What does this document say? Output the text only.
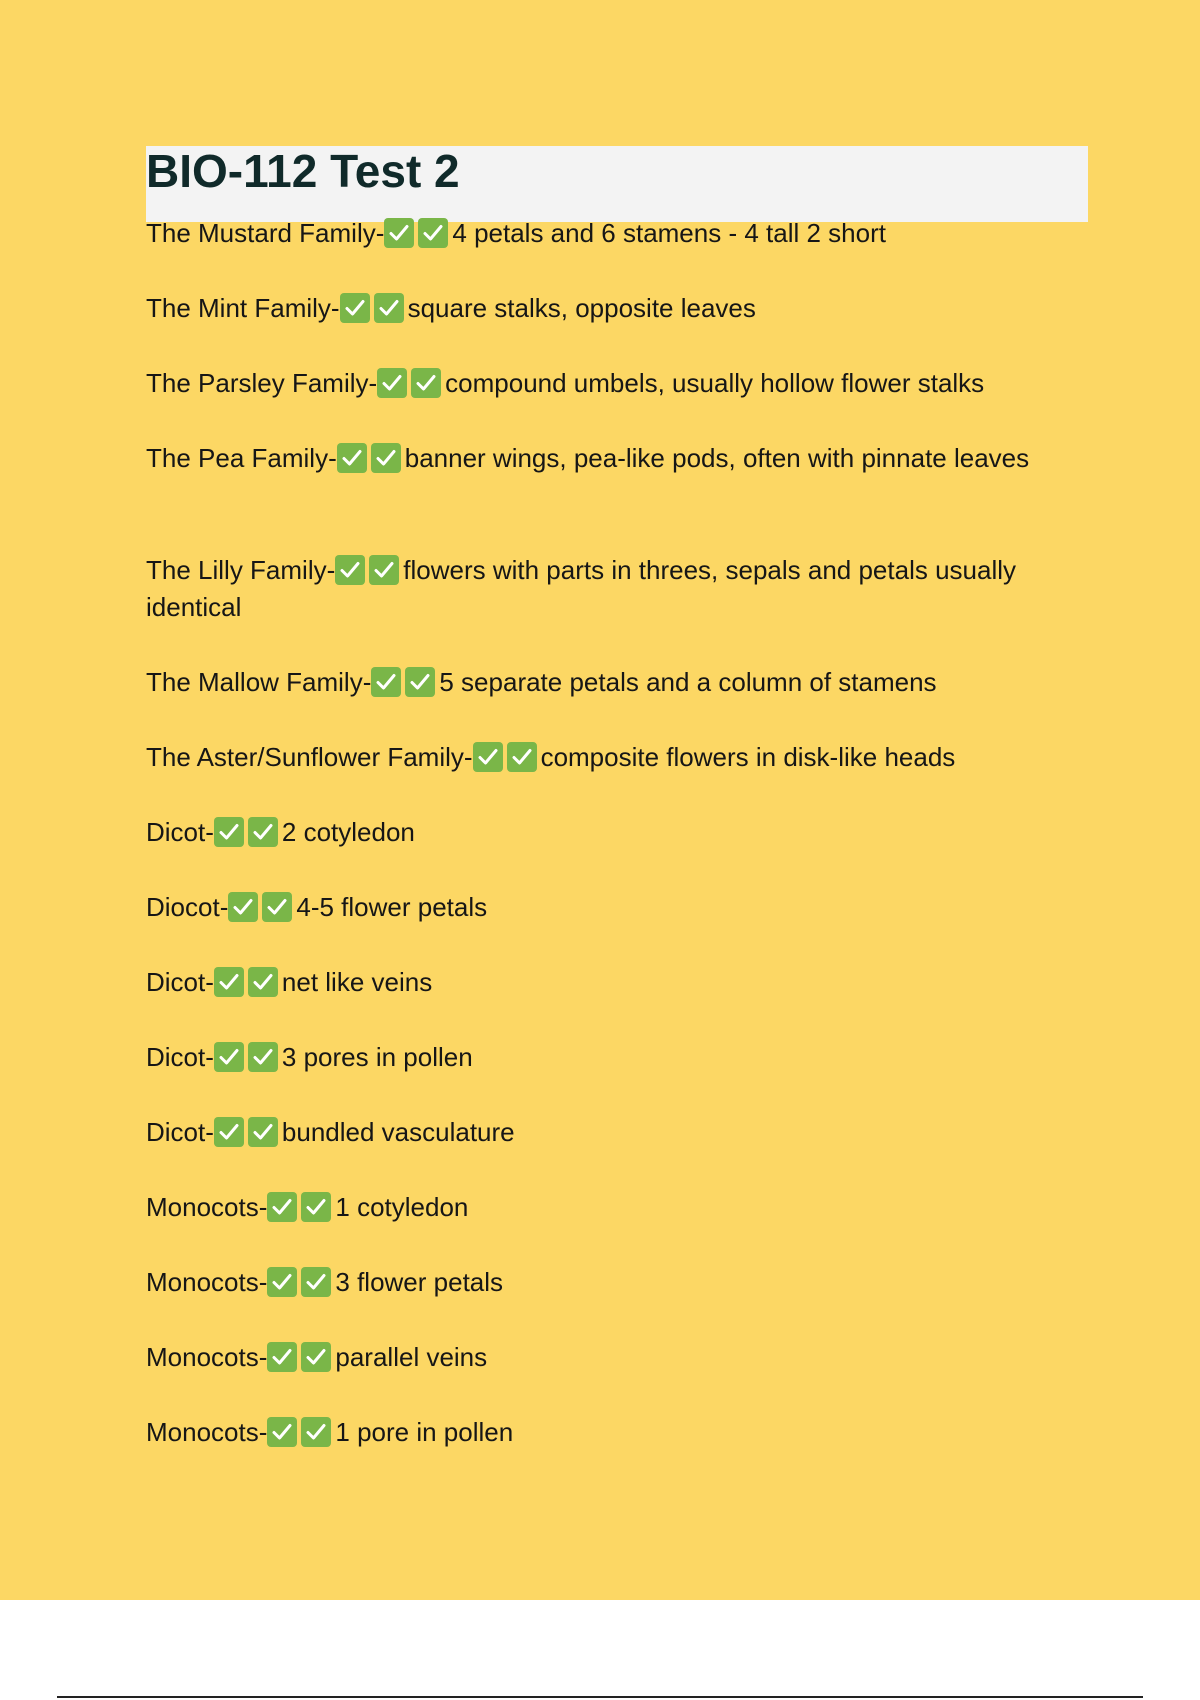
BIO-112 Test 2

The Mustard Family-	4 petals and 6 stamens - 4 tall 2 short

The Mint Family-	square stalks, opposite leaves

The Parsley Family-	compound umbels, usually hollow flower stalks

The Pea Family-	banner wings, pea-like pods, often with pinnate leaves

The Lilly Family-	flowers with parts in threes, sepals and petals usually identical

The Mallow Family-	5 separate petals and a column of stamens

The Aster/Sunflower Family-	composite flowers in disk-like heads

Dicot-	2 cotyledon

Diocot-	4-5 flower petals

Dicot-	net like veins

Dicot-	3 pores in pollen

Dicot-	bundled vasculature

Monocots-	1 cotyledon

Monocots-	3 flower petals

Monocots-	parallel veins

Monocots-	1 pore in pollen
